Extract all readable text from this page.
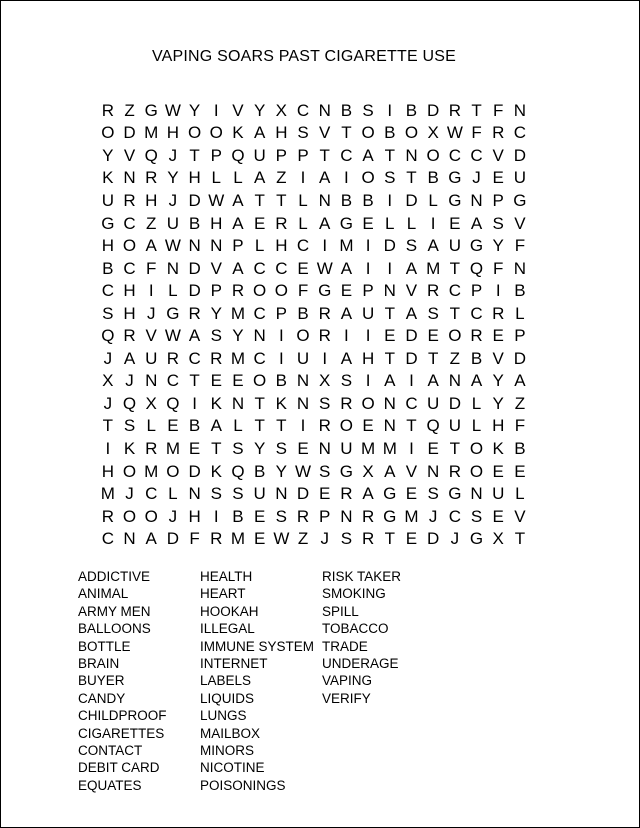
VAPING SOARS PAST CIGARETTE USE
R Z G W Y I V Y X C N B S I B D R T F N
O D M H O O K A H S V T O B O X W F R C
Y V Q J T P Q U P P T C A T N O C C V D
K N R Y H L L A Z I A I O S T B G J E U
U R H J D W A T T L N B B I D L G N P G
G C Z U B H A E R L A G E L L I E A S V
H O A W N N P L H C I M I D S A U G Y F
B C F N D V A C C E W A I I A M T Q F N
C H I L D P R O O F G E P N V R C P I B
S H J G R Y M C P B R A U T A S T C R L
Q R V W A S Y N I O R I I E D E O R E P
J A U R C R M C I U I A H T D T Z B V D
X J N C T E E O B N X S I A I A N A Y A
J Q X Q I K N T K N S R O N C U D L Y Z
T S L E B A L T T I R O E N T Q U L H F
I K R M E T S Y S E N U M M I E T O K B
H O M O D K Q B Y W S G X A V N R O E E
M J C L N S S U N D E R A G E S G N U L
R O O J H I B E S R P N R G M J C S E V
C N A D F R M E W Z J S R T E D J G X T
ADDICTIVE
ANIMAL
ARMY MEN
BALLOONS
BOTTLE
BRAIN
BUYER
CANDY
CHILDPROOF
CIGARETTES
CONTACT
DEBIT CARD
EQUATES
HEALTH
HEART
HOOKAH
ILLEGAL
IMMUNE SYSTEM
INTERNET
LABELS
LIQUIDS
LUNGS
MAILBOX
MINORS
NICOTINE
POISONINGS
RISK TAKER
SMOKING
SPILL
TOBACCO
TRADE
UNDERAGE
VAPING
VERIFY
